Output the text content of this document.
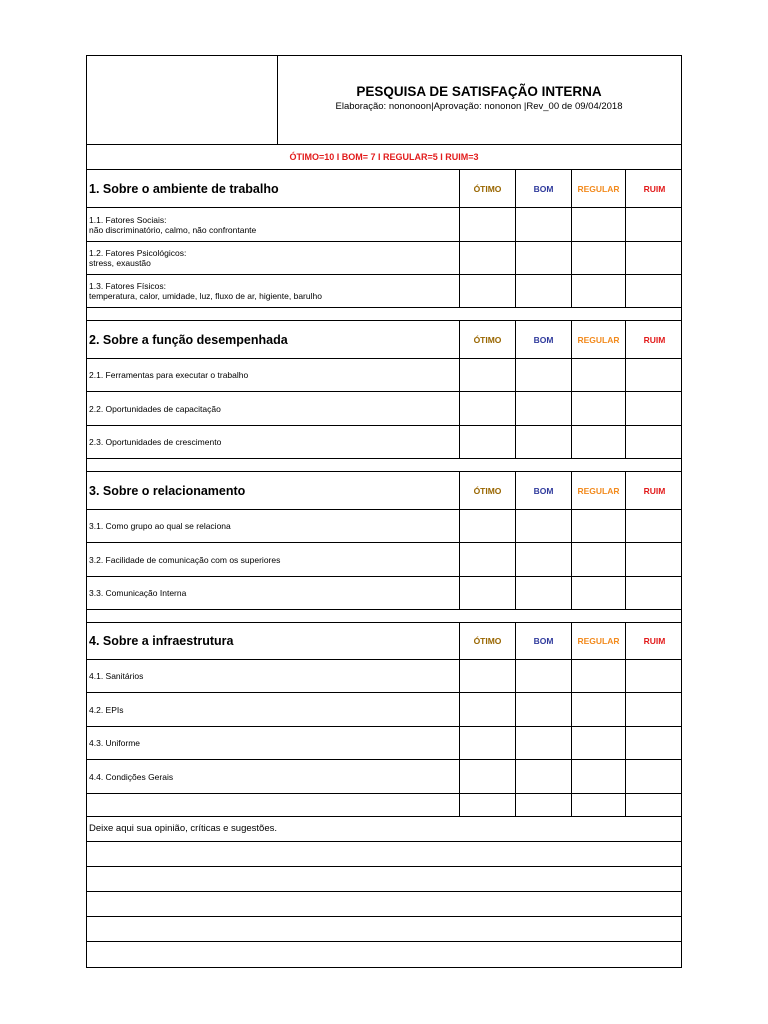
PESQUISA DE SATISFAÇÃO INTERNA
Elaboração: nononoon|Aprovação: nononon |Rev_00 de 09/04/2018
ÓTIMO=10 I BOM= 7 I REGULAR=5 I RUIM=3
1. Sobre o ambiente de trabalho	ÓTIMO	BOM	REGULAR	RUIM
1.1. Fatores Sociais:
não discriminatório, calmo, não confrontante
1.2. Fatores Psicológicos:
stress, exaustão
1.3. Fatores Físicos:
temperatura, calor, umidade, luz, fluxo de ar, higiente, barulho
2. Sobre a função desempenhada	ÓTIMO	BOM	REGULAR	RUIM
2.1. Ferramentas para executar o trabalho
2.2. Oportunidades de capacitação
2.3. Oportunidades de crescimento
3. Sobre o relacionamento	ÓTIMO	BOM	REGULAR	RUIM
3.1. Como grupo ao qual se relaciona
3.2. Facilidade de comunicação com os superiores
3.3. Comunicação Interna
4. Sobre a infraestrutura	ÓTIMO	BOM	REGULAR	RUIM
4.1. Sanitários
4.2. EPIs
4.3. Uniforme
4.4. Condições Gerais
Deixe aqui sua opinião, críticas e sugestões.
